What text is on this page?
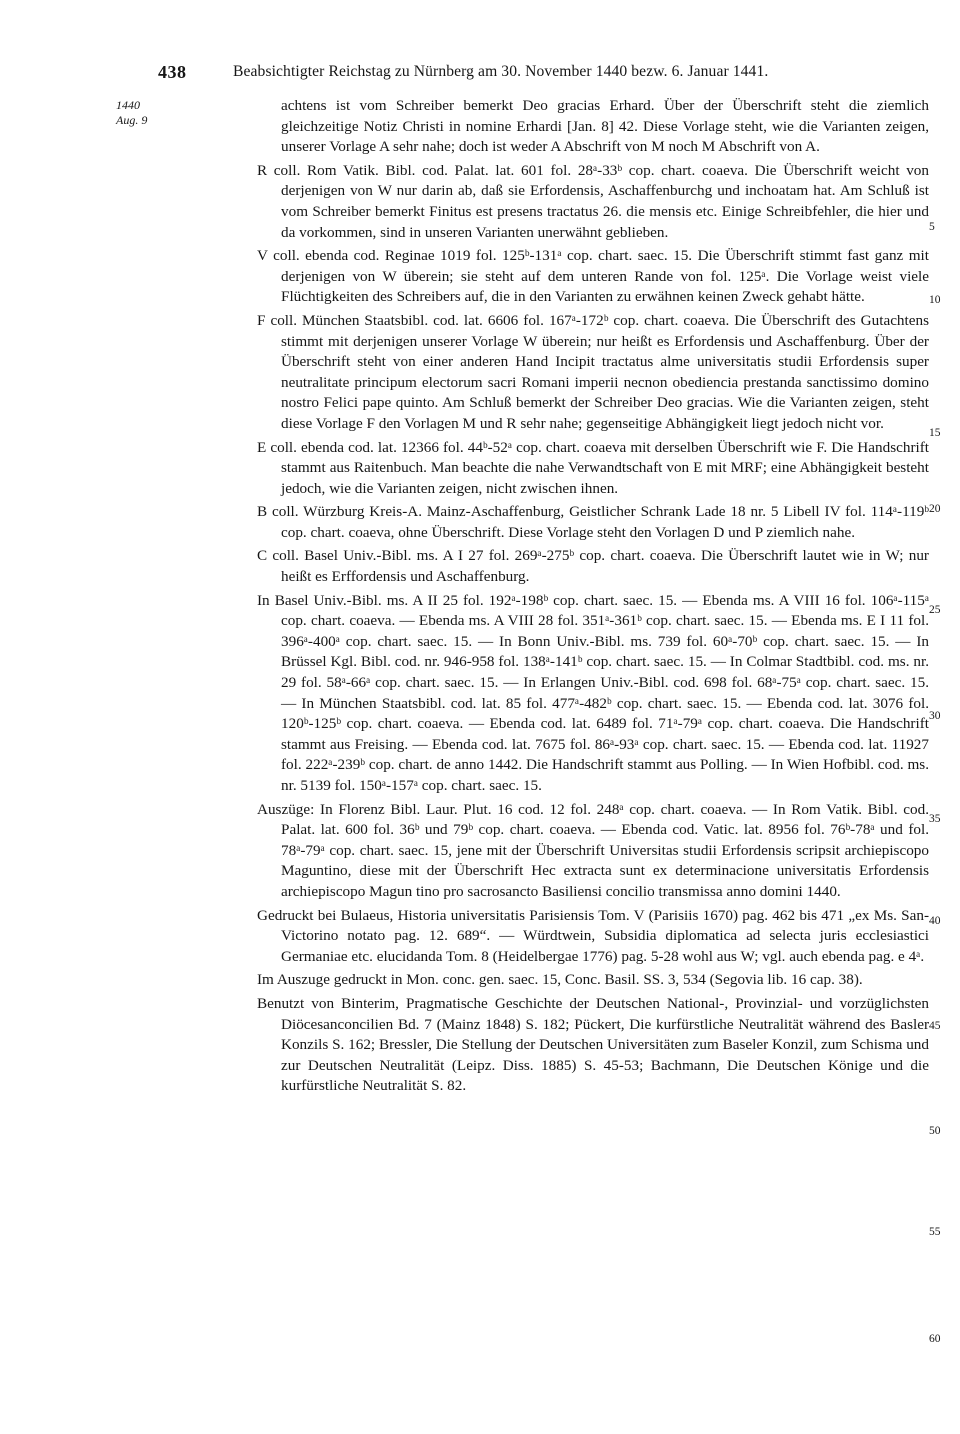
438	Beabsichtigter Reichstag zu Nürnberg am 30. November 1440 bezw. 6. Januar 1441.
1440
Aug. 9

achtens ist vom Schreiber bemerkt Deo gracias Erhard. Über der Überschrift steht die ziemlich gleichzeitige Notiz Christi in nomine Erhardi [Jan. 8] 42. Diese Vorlage steht, wie die Varianten zeigen, unserer Vorlage A sehr nahe; doch ist weder A Abschrift von M noch M Abschrift von A.

R coll. Rom Vatik. Bibl. cod. Palat. lat. 601 fol. 28ᵃ-33ᵇ cop. chart. coaeva. Die Überschrift weicht von derjenigen von W nur darin ab, daß sie Erfordensis, Aschaffenburchg und inchoatam hat. Am Schluß ist vom Schreiber bemerkt Finitus est presens tractatus 26. die mensis etc. Einige Schreibfehler, die hier und da vorkommen, sind in unseren Varianten unerwähnt geblieben.

V coll. ebenda cod. Reginae 1019 fol. 125ᵇ-131ᵃ cop. chart. saec. 15. Die Überschrift stimmt fast ganz mit derjenigen von W überein; sie steht auf dem unteren Rande von fol. 125ᵃ. Die Vorlage weist viele Flüchtigkeiten des Schreibers auf, die in den Varianten zu erwähnen keinen Zweck gehabt hätte.

F coll. München Staatsbibl. cod. lat. 6606 fol. 167ᵃ-172ᵇ cop. chart. coaeva. Die Überschrift des Gutachtens stimmt mit derjenigen unserer Vorlage W überein; nur heißt es Erfordensis und Aschaffenburg. Über der Überschrift steht von einer anderen Hand Incipit tractatus alme universitatis studii Erfordensis super neutralitate principum electorum sacri Romani imperii necnon obediencia prestanda sanctissimo domino nostro Felici pape quinto. Am Schluß bemerkt der Schreiber Deo gracias. Wie die Varianten zeigen, steht diese Vorlage F den Vorlagen M und R sehr nahe; gegenseitige Abhängigkeit liegt jedoch nicht vor.

E coll. ebenda cod. lat. 12366 fol. 44ᵇ-52ᵃ cop. chart. coaeva mit derselben Überschrift wie F. Die Handschrift stammt aus Raitenbuch. Man beachte die nahe Verwandtschaft von E mit MRF; eine Abhängigkeit besteht jedoch, wie die Varianten zeigen, nicht zwischen ihnen.

B coll. Würzburg Kreis-A. Mainz-Aschaffenburg, Geistlicher Schrank Lade 18 nr. 5 Libell IV fol. 114ᵃ-119ᵇ cop. chart. coaeva, ohne Überschrift. Diese Vorlage steht den Vorlagen D und P ziemlich nahe.

C coll. Basel Univ.-Bibl. ms. A I 27 fol. 269ᵃ-275ᵇ cop. chart. coaeva. Die Überschrift lautet wie in W; nur heißt es Erffordensis und Aschaffenburg.

In Basel Univ.-Bibl. ms. A II 25 fol. 192ᵃ-198ᵇ cop. chart. saec. 15. — Ebenda ms. A VIII 16 fol. 106ᵃ-115ᵃ cop. chart. coaeva. — Ebenda ms. A VIII 28 fol. 351ᵃ-361ᵇ cop. chart. saec. 15. — Ebenda ms. E I 11 fol. 396ᵃ-400ᵃ cop. chart. saec. 15. — In Bonn Univ.-Bibl. ms. 739 fol. 60ᵃ-70ᵇ cop. chart. saec. 15. — In Brüssel Kgl. Bibl. cod. nr. 946-958 fol. 138ᵃ-141ᵇ cop. chart. saec. 15. — In Colmar Stadtbibl. cod. ms. nr. 29 fol. 58ᵃ-66ᵃ cop. chart. saec. 15. — In Erlangen Univ.-Bibl. cod. 698 fol. 68ᵃ-75ᵃ cop. chart. saec. 15. — In München Staatsbibl. cod. lat. 85 fol. 477ᵃ-482ᵇ cop. chart. saec. 15. — Ebenda cod. lat. 3076 fol. 120ᵇ-125ᵇ cop. chart. coaeva. — Ebenda cod. lat. 6489 fol. 71ᵃ-79ᵃ cop. chart. coaeva. Die Handschrift stammt aus Freising. — Ebenda cod. lat. 7675 fol. 86ᵃ-93ᵃ cop. chart. saec. 15. — Ebenda cod. lat. 11927 fol. 222ᵃ-239ᵇ cop. chart. de anno 1442. Die Handschrift stammt aus Polling. — In Wien Hofbibl. cod. ms. nr. 5139 fol. 150ᵃ-157ᵃ cop. chart. saec. 15.

Auszüge: In Florenz Bibl. Laur. Plut. 16 cod. 12 fol. 248ᵃ cop. chart. coaeva. — In Rom Vatik. Bibl. cod. Palat. lat. 600 fol. 36ᵇ und 79ᵇ cop. chart. coaeva. — Ebenda cod. Vatic. lat. 8956 fol. 76ᵇ-78ᵃ und fol. 78ᵃ-79ᵃ cop. chart. saec. 15, jene mit der Überschrift Universitas studii Erfordensis scripsit archiepiscopo Maguntino, diese mit der Überschrift Hec extracta sunt ex determinacione universitatis Erfordensis archiepiscopo Magun tino pro sacrosancto Basiliensi concilio transmissa anno domini 1440.

Gedruckt bei Bulaeus, Historia universitatis Parisiensis Tom. V (Parisiis 1670) pag. 462 bis 471 „ex Ms. San-Victorino notato pag. 12. 689“. — Würdtwein, Subsidia diplomatica ad selecta juris ecclesiastici Germaniae etc. elucidanda Tom. 8 (Heidelbergae 1776) pag. 5-28 wohl aus W; vgl. auch ebenda pag. e 4ᵃ.

Im Auszuge gedruckt in Mon. conc. gen. saec. 15, Conc. Basil. SS. 3, 534 (Segovia lib. 16 cap. 38).

Benutzt von Binterim, Pragmatische Geschichte der Deutschen National-, Provinzial- und vorzüglichsten Diöcesanconcilien Bd. 7 (Mainz 1848) S. 182; Pückert, Die kurfürstliche Neutralität während des Basler Konzils S. 162; Bressler, Die Stellung der Deutschen Universitäten zum Baseler Konzil, zum Schisma und zur Deutschen Neutralität (Leipz. Diss. 1885) S. 45-53; Bachmann, Die Deutschen Könige und die kurfürstliche Neutralität S. 82.

5
10
15
20
25
30
35
40
45
50
55
60
